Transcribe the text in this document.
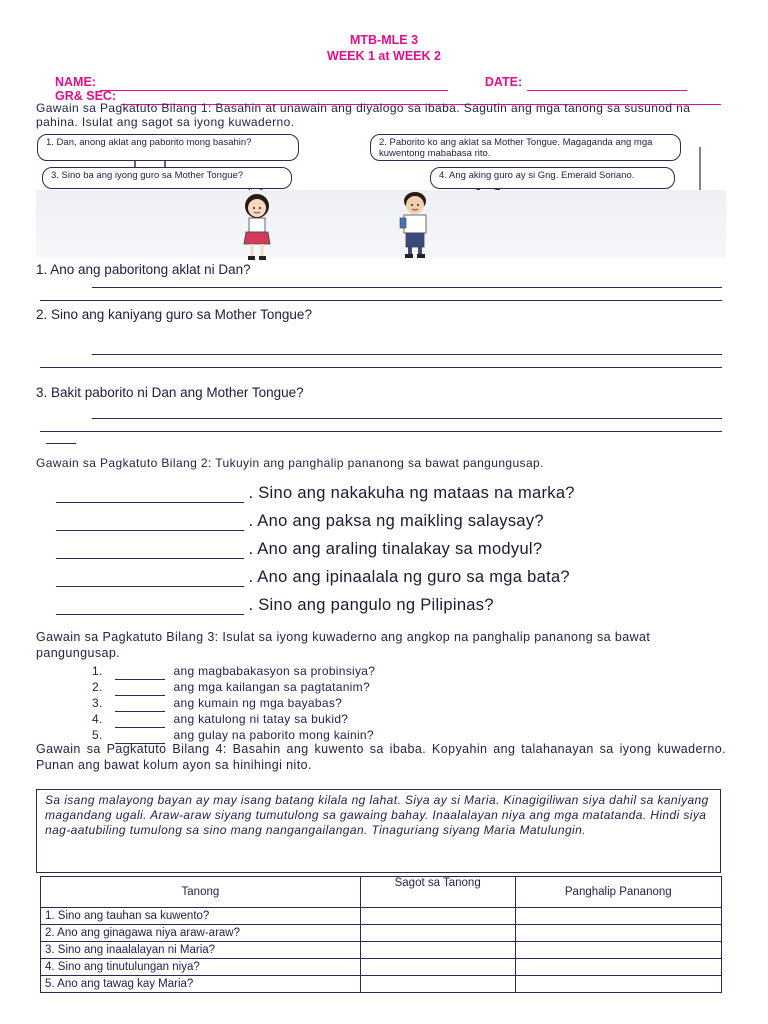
MTB-MLE 3
WEEK 1 at WEEK 2
NAME:	DATE:
GR& SEC:
Gawain sa Pagkatuto Bilang 1: Basahin at unawain ang diyalogo sa ibaba. Sagutin ang mga tanong sa susunod na pahina. Isulat ang sagot sa iyong kuwaderno.
1. Dan, anong aklat ang paborito mong basahin?	2. Paborito ko ang aklat sa Mother Tongue. Magaganda ang mga kuwentong mababasa rito.
3. Sino ba ang iyong guro sa Mother Tongue?	4. Ang aking guro ay si Gng. Emerald Soriano.
1. Ano ang paboritong aklat ni Dan?
2. Sino ang kaniyang guro sa Mother Tongue?
3. Bakit paborito ni Dan ang Mother Tongue?
Gawain sa Pagkatuto Bilang 2: Tukuyin ang panghalip pananong sa bawat pangungusap.
. Sino ang nakakuha ng mataas na marka?
. Ano ang paksa ng maikling salaysay?
. Ano ang araling tinalakay sa modyul?
. Ano ang ipinaalala ng guro sa mga bata?
. Sino ang pangulo ng Pilipinas?
Gawain sa Pagkatuto Bilang 3: Isulat sa iyong kuwaderno ang angkop na panghalip pananong sa bawat pangungusap.
1.	ang magbabakasyon sa probinsiya?
2.	ang mga kailangan sa pagtatanim?
3.	ang kumain ng mga bayabas?
4.	ang katulong ni tatay sa bukid?
5.	ang gulay na paborito mong kainin?
Gawain sa Pagkatuto Bilang 4: Basahin ang kuwento sa ibaba. Kopyahin ang talahanayan sa iyong kuwaderno. Punan ang bawat kolum ayon sa hinihingi nito.
Sa isang malayong bayan ay may isang batang kilala ng lahat. Siya ay si Maria. Kinagigiliwan siya dahil sa kaniyang magandang ugali. Araw-araw siyang tumutulong sa gawaing bahay. Inaalalayan niya ang mga matatanda. Hindi siya nag-aatubiling tumulong sa sino mang nangangailangan. Tinaguriang siyang Maria Matulungin.
Tanong	Sagot sa Tanong	Panghalip Pananong
1. Sino ang tauhan sa kuwento?		
2. Ano ang ginagawa niya araw-araw?		
3. Sino ang inaalalayan ni Maria?		
4. Sino ang tinutulungan niya?		
5. Ano ang tawag kay Maria?		
